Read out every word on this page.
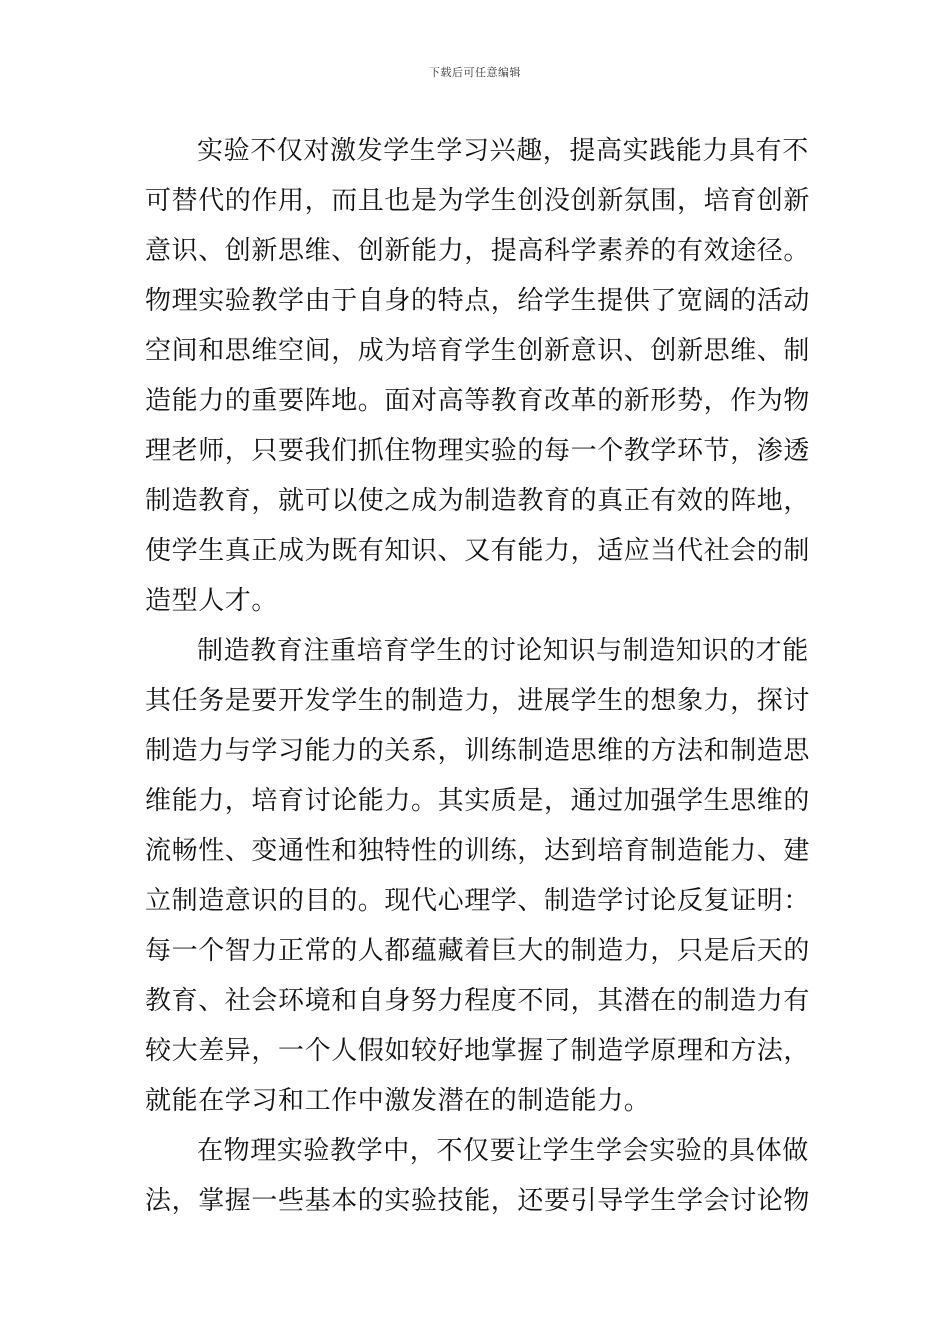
下载后可任意编辑
实验不仅对激发学生学习兴趣，提高实践能力具有不
可替代的作用，而且也是为学生创没创新氛围，培育创新
意识、创新思维、创新能力，提高科学素养的有效途径。
物理实验教学由于自身的特点，给学生提供了宽阔的活动
空间和思维空间，成为培育学生创新意识、创新思维、制
造能力的重要阵地。面对高等教育改革的新形势，作为物
理老师，只要我们抓住物理实验的每一个教学环节，渗透
制造教育，就可以使之成为制造教育的真正有效的阵地，
使学生真正成为既有知识、又有能力，适应当代社会的制
造型人才。
制造教育注重培育学生的讨论知识与制造知识的才能
其任务是要开发学生的制造力，进展学生的想象力，探讨
制造力与学习能力的关系，训练制造思维的方法和制造思
维能力，培育讨论能力。其实质是，通过加强学生思维的
流畅性、变通性和独特性的训练，达到培育制造能力、建
立制造意识的目的。现代心理学、制造学讨论反复证明：
每一个智力正常的人都蕴藏着巨大的制造力，只是后天的
教育、社会环境和自身努力程度不同，其潜在的制造力有
较大差异，一个人假如较好地掌握了制造学原理和方法，
就能在学习和工作中激发潜在的制造能力。
在物理实验教学中，不仅要让学生学会实验的具体做
法，掌握一些基本的实验技能，还要引导学生学会讨论物
